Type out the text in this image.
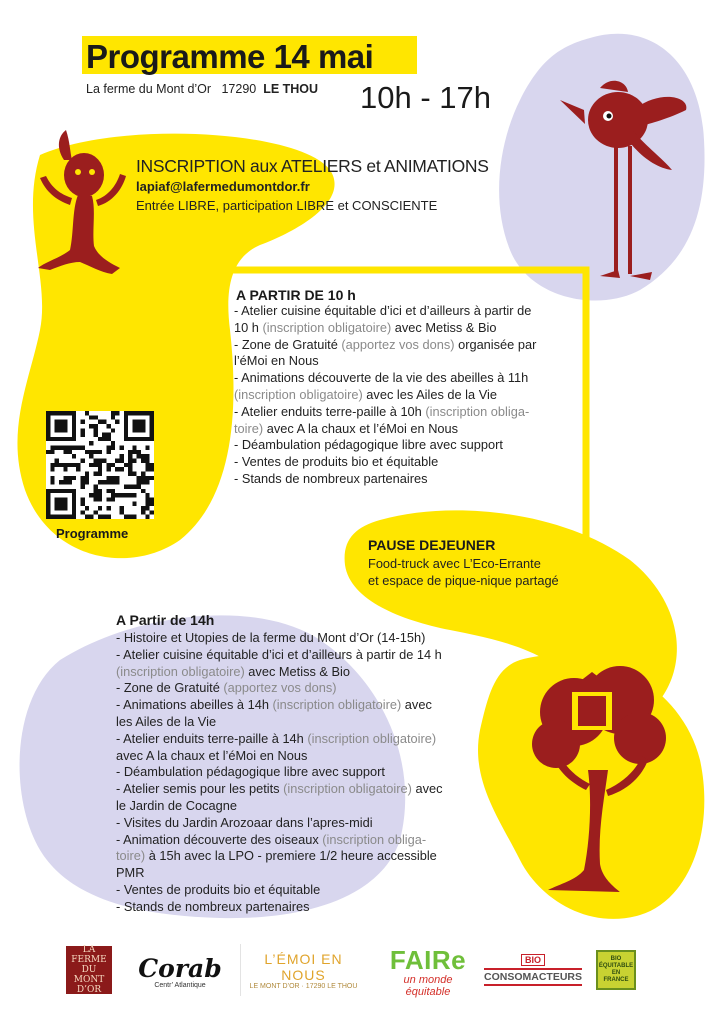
Programme 14 mai
La ferme du Mont d’Or 17290 LE THOU 10h - 17h
INSCRIPTION aux ATELIERS et ANIMATIONS
lapiaf@lafermedumontdor.fr
Entrée LIBRE, participation LIBRE et CONSCIENTE
A PARTIR DE 10 h
- Atelier cuisine équitable d’ici et d’ailleurs à partir de
10 h (inscription obligatoire) avec Metiss & Bio
- Zone de Gratuité (apportez vos dons) organisée par
l’éMoi en Nous
- Animations découverte de la vie des abeilles à 11h
(inscription obligatoire) avec les Ailes de la Vie
- Atelier enduits terre-paille à 10h (inscription obliga-
toire) avec A la chaux et l’éMoi en Nous
- Déambulation pédagogique libre avec support
- Ventes de produits bio et équitable
- Stands de nombreux partenaires
Programme
PAUSE DEJEUNER
Food-truck avec L’Eco-Errante
et espace de pique-nique partagé
A Partir de 14h
- Histoire et Utopies de la ferme du Mont d’Or (14-15h)
- Atelier cuisine équitable d’ici et d’ailleurs à partir de 14 h
(inscription obligatoire) avec Metiss & Bio
- Zone de Gratuité (apportez vos dons)
- Animations abeilles à 14h (inscription obligatoire) avec
les Ailes de la Vie
- Atelier enduits terre-paille à 14h (inscription obligatoire)
avec A la chaux et l’éMoi en Nous
- Déambulation pédagogique libre avec support
- Atelier semis pour les petits (inscription obligatoire) avec
le Jardin de Cocagne
- Visites du Jardin Arozoaar dans l’apres-midi
- Animation découverte des oiseaux (inscription obliga-
toire) à 15h avec la LPO - premiere 1/2 heure accessible
PMR
- Ventes de produits bio et équitable
- Stands de nombreux partenaires
LA FERME DU MONT D’OR
Corab
Centr’ Atlantique
L’ÉMOI EN NOUS
LE MONT D’OR · 17290 LE THOU
FAIRe
un monde équitable
BIO
CONSOMACTEURS
BIO ÉQUITABLE EN FRANCE
